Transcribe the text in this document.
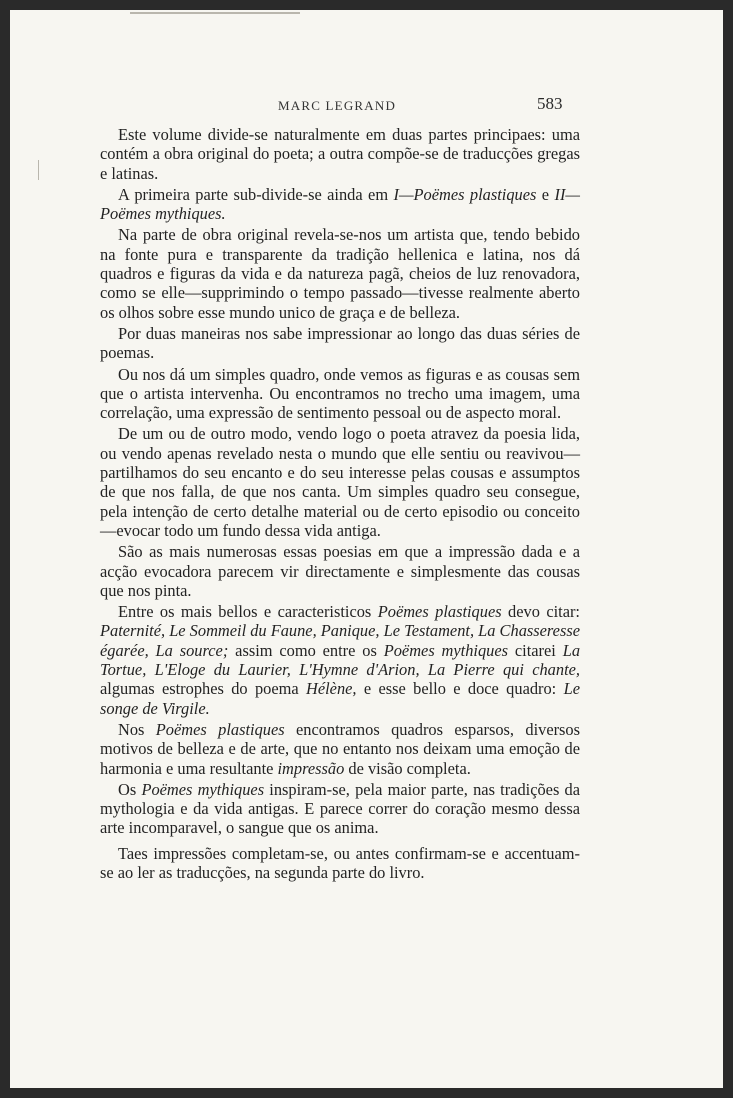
MARC LEGRAND	583

Este volume divide-se naturalmente em duas partes principaes: uma contém a obra original do poeta; a outra compõe-se de traducções gregas e latinas.

A primeira parte sub-divide-se ainda em I—Poëmes plastiques e II—Poëmes mythiques.

Na parte de obra original revela-se-nos um artista que, tendo bebido na fonte pura e transparente da tradição hellenica e latina, nos dá quadros e figuras da vida e da natureza pagã, cheios de luz renovadora, como se elle—supprimindo o tempo passado—tivesse realmente aberto os olhos sobre esse mundo unico de graça e de belleza.

Por duas maneiras nos sabe impressionar ao longo das duas séries de poemas.

Ou nos dá um simples quadro, onde vemos as figuras e as cousas sem que o artista intervenha. Ou encontramos no trecho uma imagem, uma correlação, uma expressão de sentimento pessoal ou de aspecto moral.

De um ou de outro modo, vendo logo o poeta atravez da poesia lida, ou vendo apenas revelado nesta o mundo que elle sentiu ou reavivou—partilhamos do seu encanto e do seu interesse pelas cousas e assumptos de que nos falla, de que nos canta. Um simples quadro seu consegue, pela intenção de certo detalhe material ou de certo episodio ou conceito—evocar todo um fundo dessa vida antiga.

São as mais numerosas essas poesias em que a impressão dada e a acção evocadora parecem vir directamente e simplesmente das cousas que nos pinta.

Entre os mais bellos e caracteristicos Poëmes plastiques devo citar: Paternité, Le Sommeil du Faune, Panique, Le Testament, La Chasseresse égarée, La source; assim como entre os Poëmes mythiques citarei La Tortue, L'Eloge du Laurier, L'Hymne d'Arion, La Pierre qui chante, algumas estrophes do poema Hélène, e esse bello e doce quadro: Le songe de Virgile.

Nos Poëmes plastiques encontramos quadros esparsos, diversos motivos de belleza e de arte, que no entanto nos deixam uma emoção de harmonia e uma resultante impressão de visão completa.

Os Poëmes mythiques inspiram-se, pela maior parte, nas tradições da mythologia e da vida antigas. E parece correr do coração mesmo dessa arte incomparavel, o sangue que os anima.

Taes impressões completam-se, ou antes confirmam-se e accentuam-se ao ler as traducções, na segunda parte do livro.
